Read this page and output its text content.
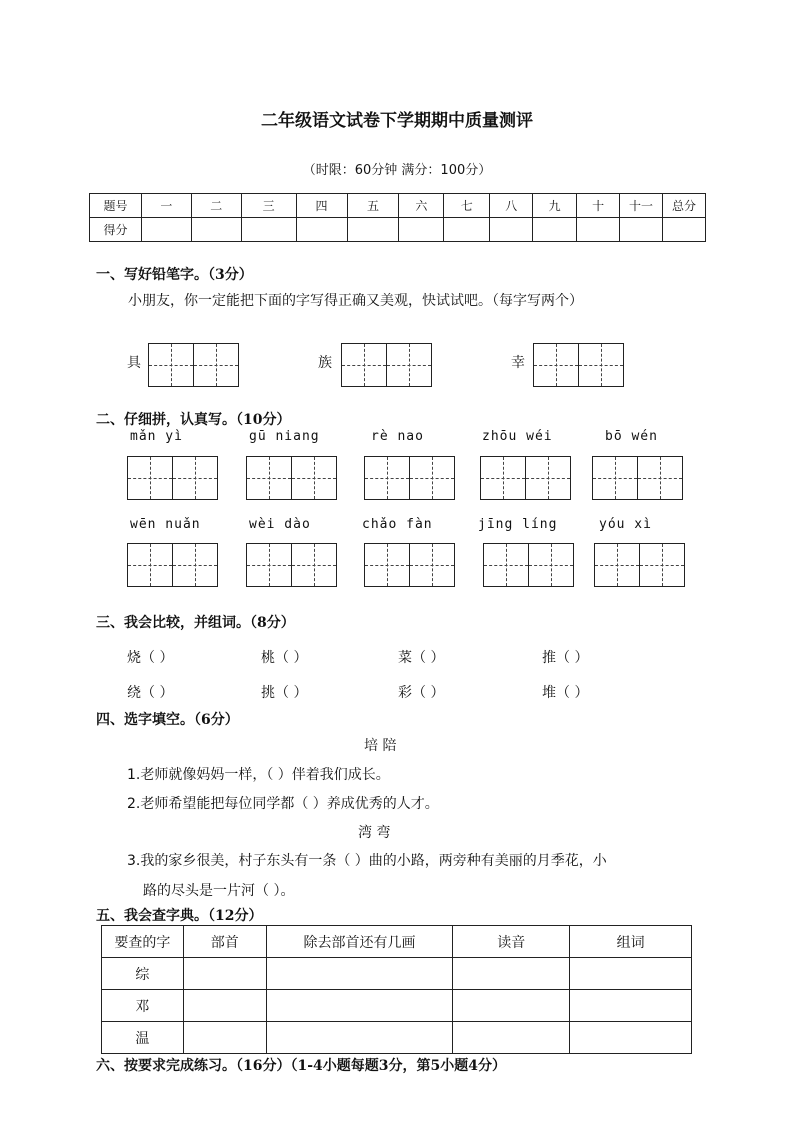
二年级语文试卷下学期期中质量测评
（时限：60分钟 满分：100分）
题号	一	二	三	四	五	六	七	八	九	十	十一	总分
得分												
一、写好铅笔字。（3分）
小朋友，你一定能把下面的字写得正确又美观，快试试吧。（每字写两个）
具	族	幸
二、仔细拼，认真写。（10分）
mǎn yì	gū niang	rè nao	zhōu wéi	bō wén
wēn nuǎn	wèi dào	chǎo fàn	jīng líng	yóu xì
三、我会比较，并组词。（8分）
烧（ ）	桃（ ）	菜（ ）	推（ ）
绕（ ）	挑（ ）	彩（ ）	堆（ ）
四、选字填空。（6分）
培 陪
1.老师就像妈妈一样，（ ）伴着我们成长。
2.老师希望能把每位同学都（ ）养成优秀的人才。
湾 弯
3.我的家乡很美，村子东头有一条（ ）曲的小路，两旁种有美丽的月季花，小
路的尽头是一片河（ ）。
五、我会查字典。（12分）
要查的字	部首	除去部首还有几画	读音	组词
综				
邓				
温				
六、按要求完成练习。（16分）（1-4小题每题3分，第5小题4分）
